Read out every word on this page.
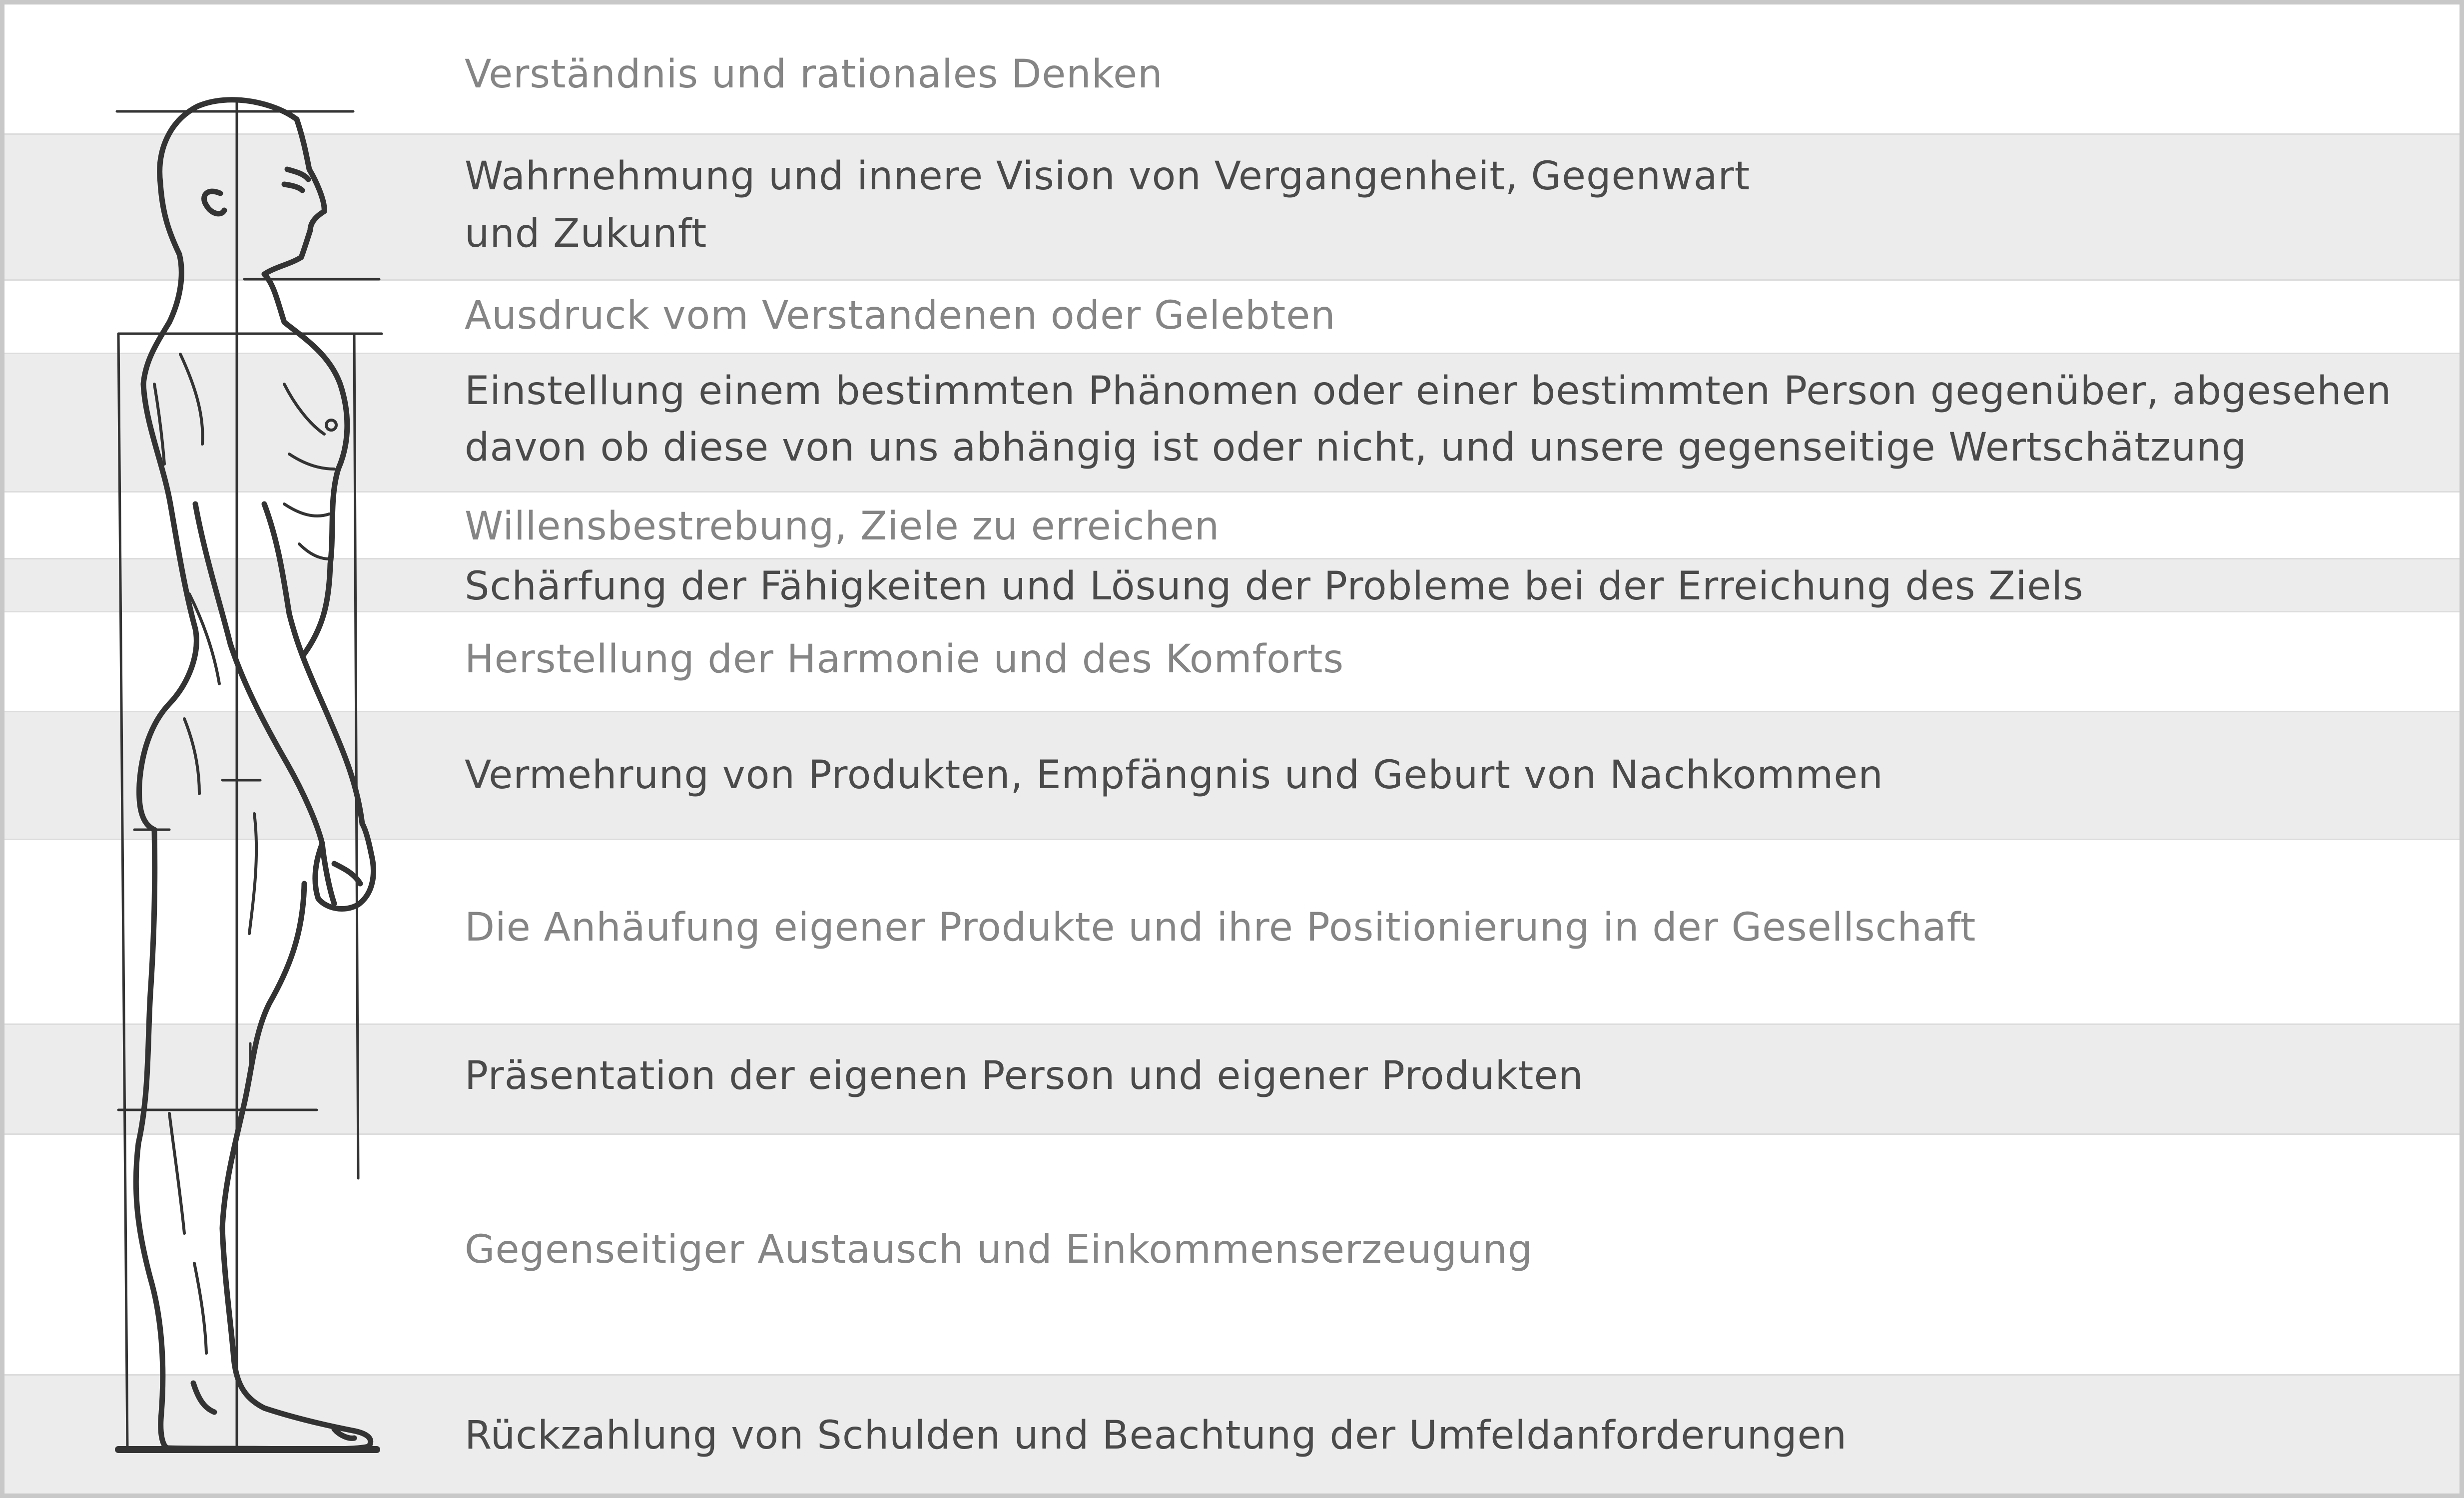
Verständnis und rationales Denken
Wahrnehmung und innere Vision von Vergangenheit, Gegenwart
und Zukunft
Ausdruck vom Verstandenen oder Gelebten
Einstellung einem bestimmten Phänomen oder einer bestimmten Person gegenüber, abgesehen
davon ob diese von uns abhängig ist oder nicht, und unsere gegenseitige Wertschätzung
Willensbestrebung, Ziele zu erreichen
Schärfung der Fähigkeiten und Lösung der Probleme bei der Erreichung des Ziels
Herstellung der Harmonie und des Komforts
Vermehrung von Produkten, Empfängnis und Geburt von Nachkommen
Die Anhäufung eigener Produkte und ihre Positionierung in der Gesellschaft
Präsentation der eigenen Person und eigener Produkten
Gegenseitiger Austausch und Einkommenserzeugung
Rückzahlung von Schulden und Beachtung der Umfeldanforderungen
